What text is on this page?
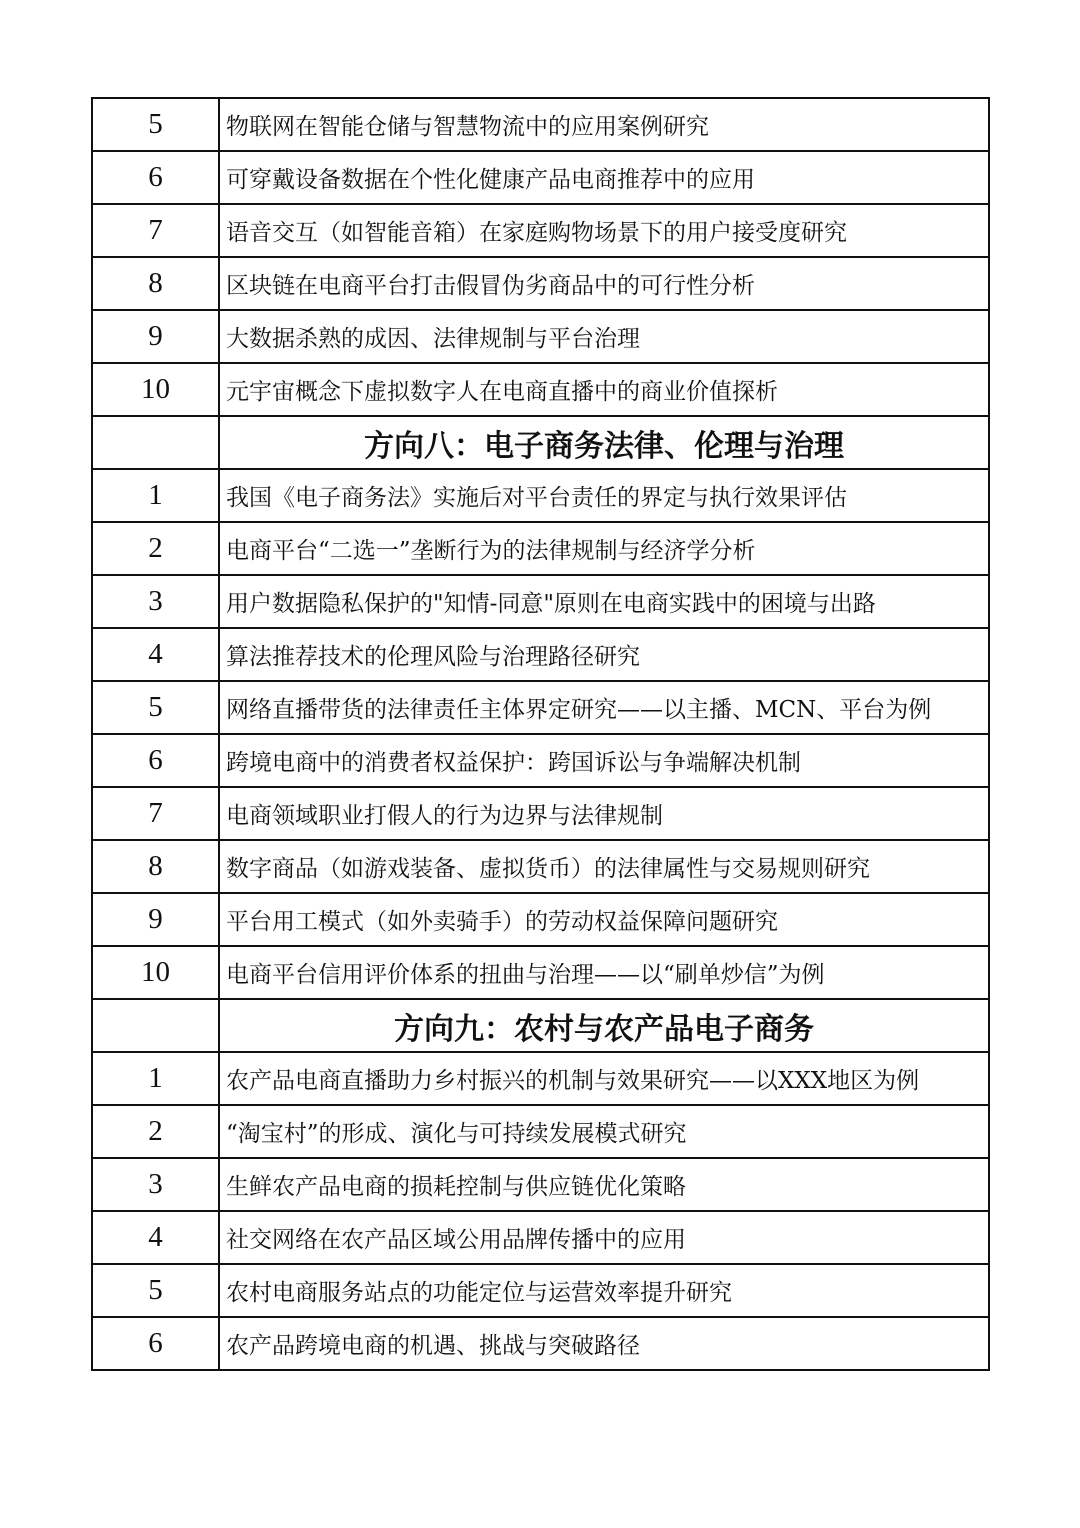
5	物联网在智能仓储与智慧物流中的应用案例研究
6	可穿戴设备数据在个性化健康产品电商推荐中的应用
7	语音交互（如智能音箱）在家庭购物场景下的用户接受度研究
8	区块链在电商平台打击假冒伪劣商品中的可行性分析
9	大数据杀熟的成因、法律规制与平台治理
10	元宇宙概念下虚拟数字人在电商直播中的商业价值探析
	方向八：电子商务法律、伦理与治理
1	我国《电子商务法》实施后对平台责任的界定与执行效果评估
2	电商平台“二选一”垄断行为的法律规制与经济学分析
3	用户数据隐私保护的"知情-同意"原则在电商实践中的困境与出路
4	算法推荐技术的伦理风险与治理路径研究
5	网络直播带货的法律责任主体界定研究——以主播、MCN、平台为例
6	跨境电商中的消费者权益保护：跨国诉讼与争端解决机制
7	电商领域职业打假人的行为边界与法律规制
8	数字商品（如游戏装备、虚拟货币）的法律属性与交易规则研究
9	平台用工模式（如外卖骑手）的劳动权益保障问题研究
10	电商平台信用评价体系的扭曲与治理——以“刷单炒信”为例
	方向九：农村与农产品电子商务
1	农产品电商直播助力乡村振兴的机制与效果研究——以XXX地区为例
2	“淘宝村”的形成、演化与可持续发展模式研究
3	生鲜农产品电商的损耗控制与供应链优化策略
4	社交网络在农产品区域公用品牌传播中的应用
5	农村电商服务站点的功能定位与运营效率提升研究
6	农产品跨境电商的机遇、挑战与突破路径
